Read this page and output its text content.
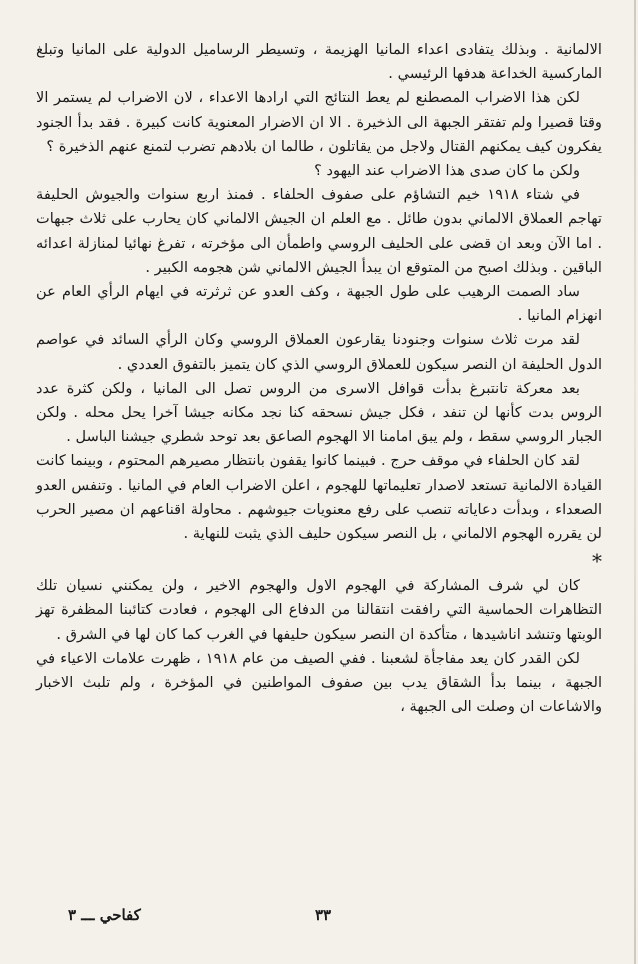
الالمانية . وبذلك يتفادى اعداء المانيا الهزيمة ، وتسيطر الرساميل الدولية على المانيا وتبلغ الماركسية الخداعة هدفها الرئيسي .

لكن هذا الاضراب المصطنع لم يعط النتائج التي ارادها الاعداء ، لان الاضراب لم يستمر الا وقتا قصيرا ولم تفتقر الجبهة الى الذخيرة . الا ان الاضرار المعنوية كانت كبيرة . فقد بدأ الجنود يفكرون كيف يمكنهم القتال ولاجل من يقاتلون ، طالما ان بلادهم تضرب لتمنع عنهم الذخيرة ؟

ولكن ما كان صدى هذا الاضراب عند اليهود ؟

في شتاء ١٩١٨ خيم التشاؤم على صفوف الحلفاء . فمنذ اربع سنوات والجيوش الحليفة تهاجم العملاق الالماني بدون طائل . مع العلم ان الجيش الالماني كان يحارب على ثلاث جبهات . اما الآن وبعد ان قضى على الحليف الروسي واطمأن الى مؤخرته ، تفرغ نهائيا لمنازلة اعدائه الباقين . وبذلك اصبح من المتوقع ان يبدأ الجيش الالماني شن هجومه الكبير .

ساد الصمت الرهيب على طول الجبهة ، وكف العدو عن ثرثرته في ايهام الرأي العام عن انهزام المانيا .

لقد مرت ثلاث سنوات وجنودنا يقارعون العملاق الروسي وكان الرأي السائد في عواصم الدول الحليفة ان النصر سيكون للعملاق الروسي الذي كان يتميز بالتفوق العددي .

بعد معركة تانتبرغ بدأت قوافل الاسرى من الروس تصل الى المانيا ، ولكن كثرة عدد الروس بدت كأنها لن تنفد ، فكل جيش نسحقه كنا نجد مكانه جيشا آخرا يحل محله . ولكن الجبار الروسي سقط ، ولم يبق امامنا الا الهجوم الصاعق بعد توحد شطري جيشنا الباسل .

لقد كان الحلفاء في موقف حرج . فبينما كانوا يقفون بانتظار مصيرهم المحتوم ، وبينما كانت القيادة الالمانية تستعد لاصدار تعليماتها للهجوم ، اعلن الاضراب العام في المانيا . وتنفس العدو الصعداء ، وبدأت دعاياته تنصب على رفع معنويات جيوشهم . محاولة اقناعهم ان مصير الحرب لن يقرره الهجوم الالماني ، بل النصر سيكون حليف الذي يثبت للنهاية .

*

كان لي شرف المشاركة في الهجوم الاول والهجوم الاخير ، ولن يمكنني نسيان تلك التظاهرات الحماسية التي رافقت انتقالنا من الدفاع الى الهجوم ، فعادت كتائبنا المظفرة تهز الوبتها وتنشد اناشيدها ، متأكدة ان النصر سيكون حليفها في الغرب كما كان لها في الشرق .

لكن القدر كان يعد مفاجأة لشعبنا . ففي الصيف من عام ١٩١٨ ، ظهرت علامات الاعياء في الجبهة ، بينما بدأ الشقاق يدب بين صفوف المواطنين في المؤخرة ، ولم تلبث الاخبار والاشاعات ان وصلت الى الجبهة ،

٣٣
كفاحي ـــ ٣
